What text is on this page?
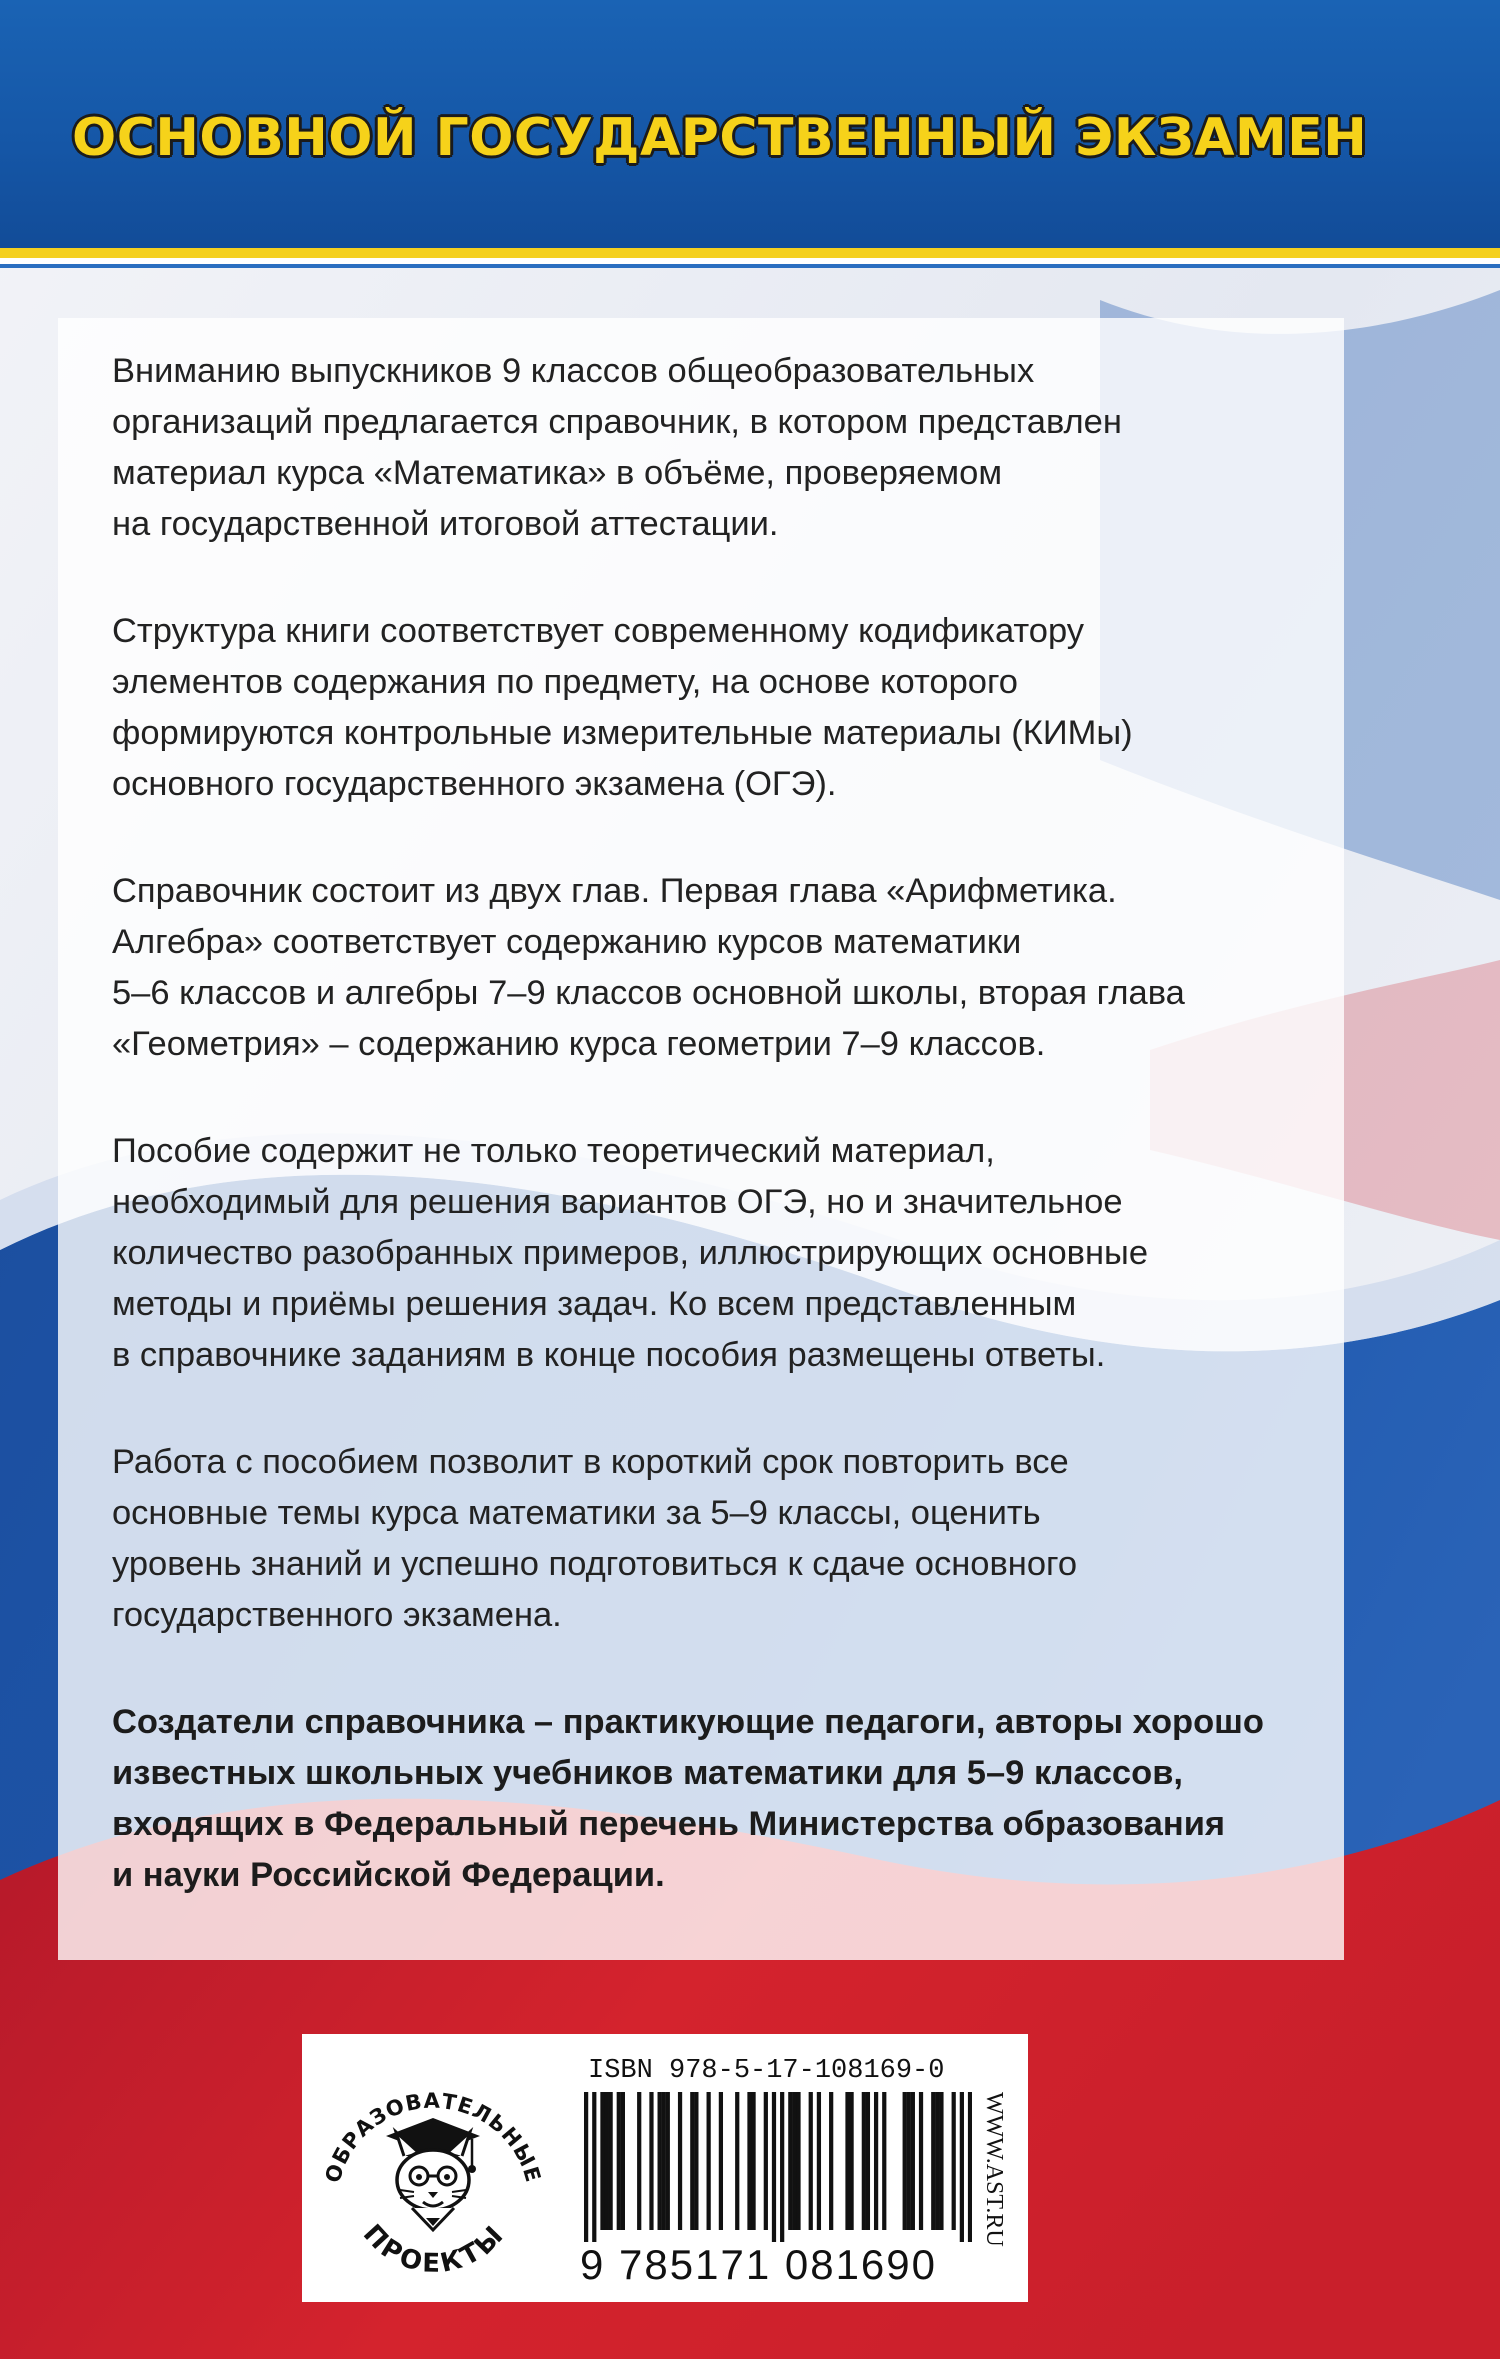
ОСНОВНОЙ ГОСУДАРСТВЕННЫЙ ЭКЗАМЕН

Вниманию выпускников 9 классов общеобразовательных
организаций предлагается справочник, в котором представлен
материал курса «Математика» в объёме, проверяемом
на государственной итоговой аттестации.

Структура книги соответствует современному кодификатору
элементов содержания по предмету, на основе которого
формируются контрольные измерительные материалы (КИМы)
основного государственного экзамена (ОГЭ).

Справочник состоит из двух глав. Первая глава «Арифметика.
Алгебра» соответствует содержанию курсов математики
5–6 классов и алгебры 7–9 классов основной школы, вторая глава
«Геометрия» – содержанию курса геометрии 7–9 классов.

Пособие содержит не только теоретический материал,
необходимый для решения вариантов ОГЭ, но и значительное
количество разобранных примеров, иллюстрирующих основные
методы и приёмы решения задач. Ко всем представленным
в справочнике заданиям в конце пособия размещены ответы.

Работа с пособием позволит в короткий срок повторить все
основные темы курса математики за 5–9 классы, оценить
уровень знаний и успешно подготовиться к сдаче основного
государственного экзамена.

Создатели справочника – практикующие педагоги, авторы хорошо
известных школьных учебников математики для 5–9 классов,
входящих в Федеральный перечень Министерства образования
и науки Российской Федерации.

ОБРАЗОВАТЕЛЬНЫЕ
ПРОЕКТЫ

ISBN 978-5-17-108169-0

9 785171 081690

WWW.AST.RU
